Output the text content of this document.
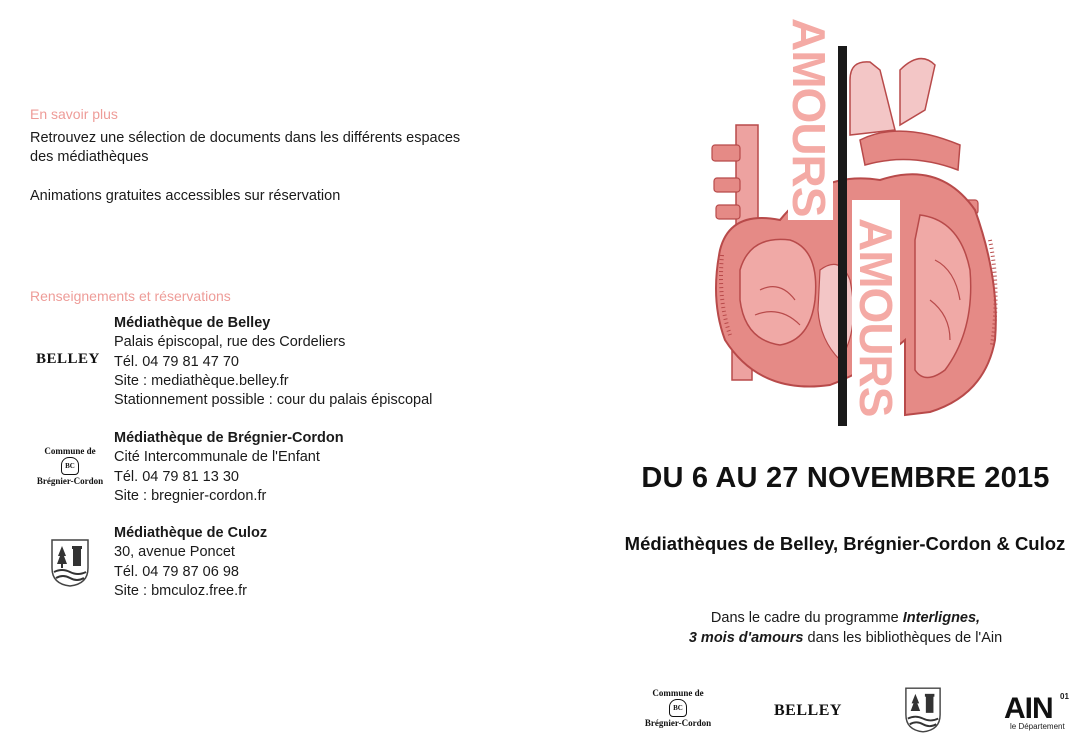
En savoir plus
Retrouvez une sélection de documents dans les différents espaces
des médiathèques
Animations gratuites accessibles sur réservation
Renseignements et réservations
BELLEY
Médiathèque de Belley
Palais épiscopal, rue des Cordeliers
Tél. 04 79 81 47 70
Site : mediathèque.belley.fr
Stationnement possible : cour du palais épiscopal
Commune de
BC
Brégnier-Cordon
Médiathèque de Brégnier-Cordon
Cité Intercommunale de l'Enfant
Tél. 04 79 81 13 30
Site : bregnier-cordon.fr
Médiathèque de Culoz
30, avenue Poncet
Tél. 04 79 87 06 98
Site : bmculoz.free.fr
AMOURS
AMOURS
DU 6 AU 27 NOVEMBRE 2015
Médiathèques de Belley, Brégnier-Cordon & Culoz
Dans le cadre du programme Interlignes,
3 mois d'amours dans les bibliothèques de l'Ain
Commune de
BC
Brégnier-Cordon
BELLEY	AIN 01
le Département
